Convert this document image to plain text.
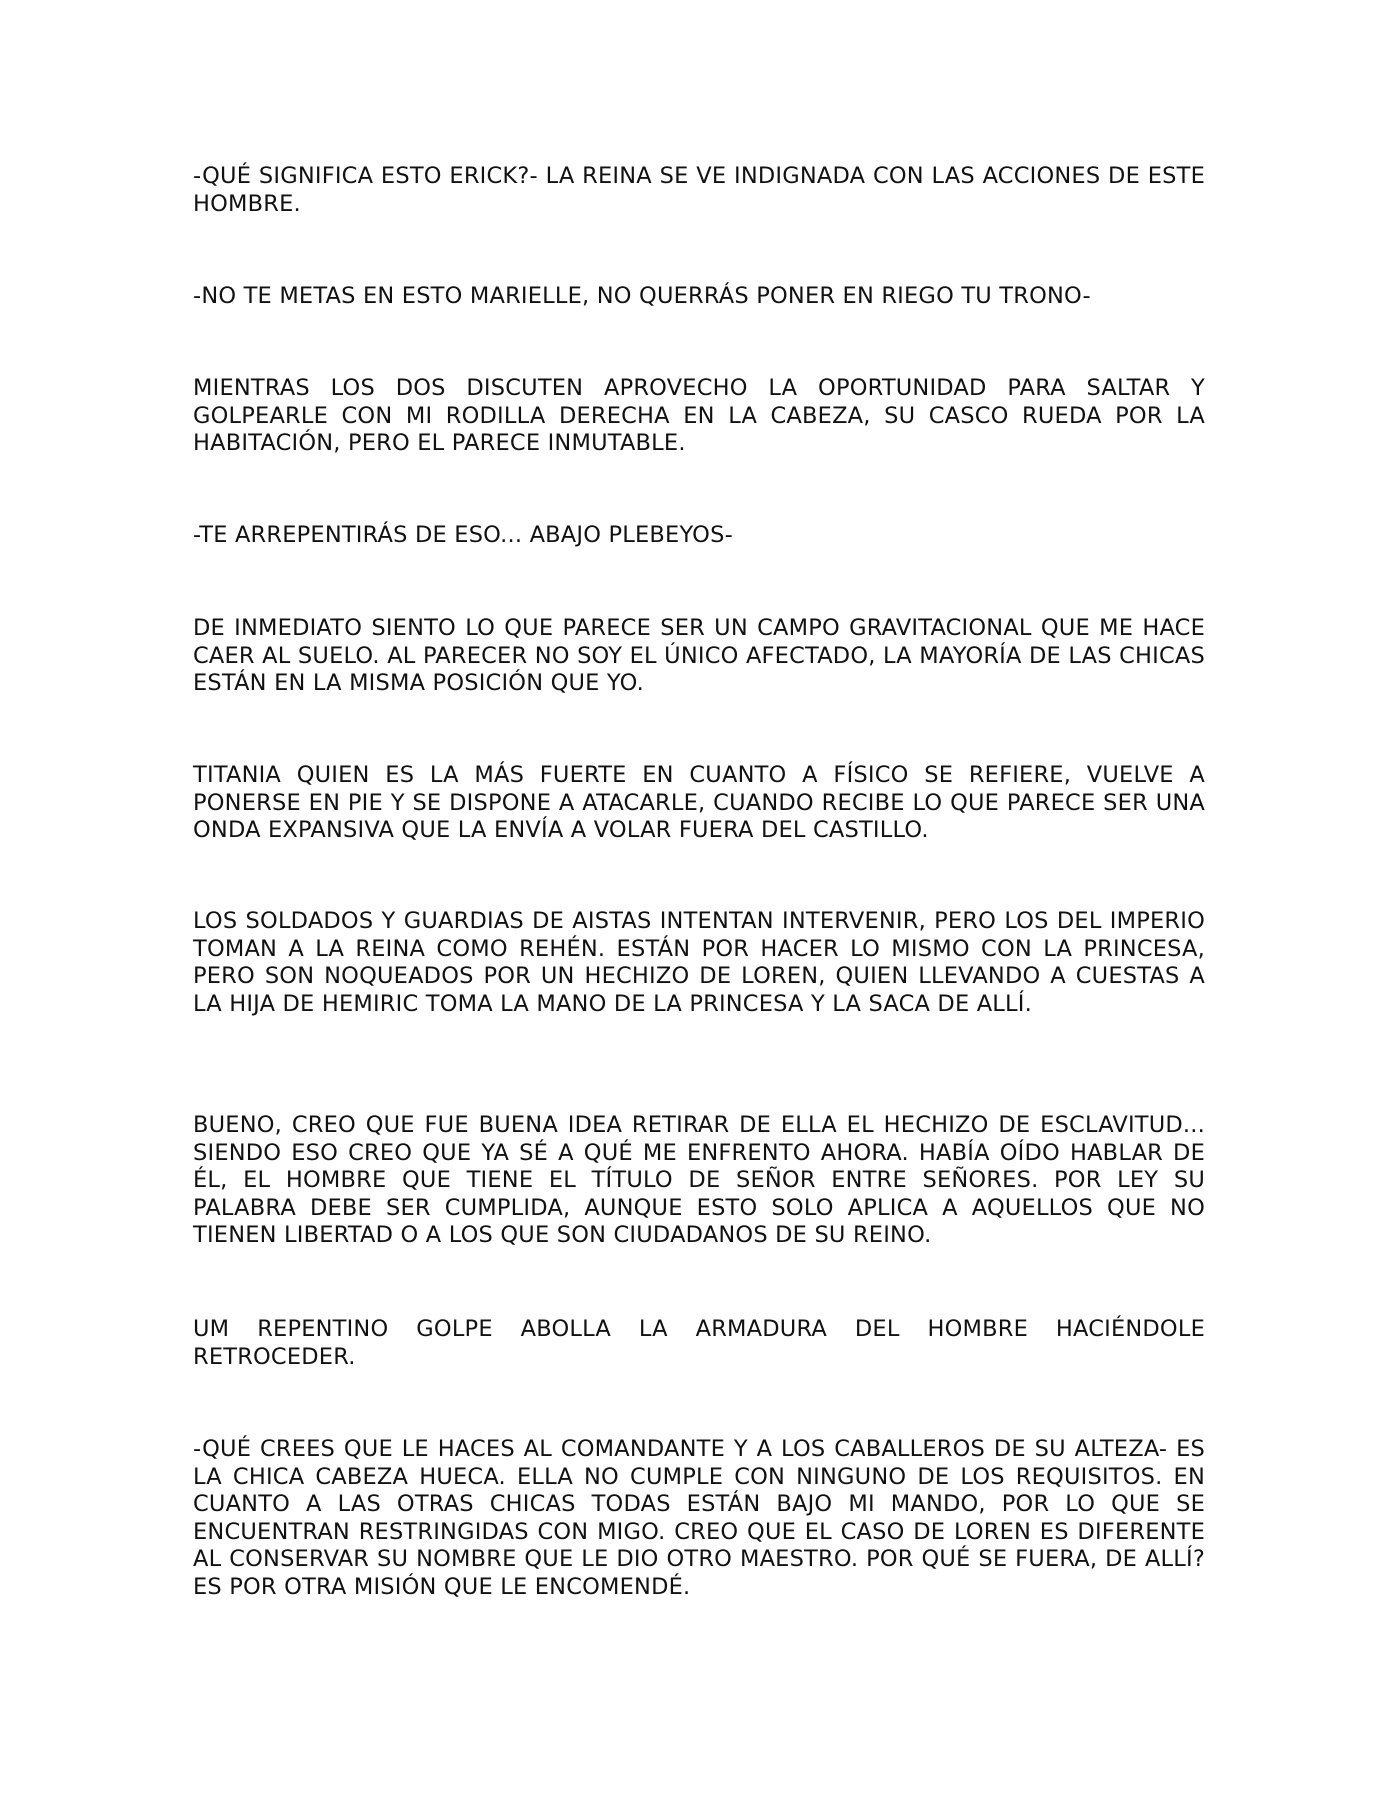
-QUÉ SIGNIFICA ESTO ERICK?- LA REINA SE VE INDIGNADA CON LAS ACCIONES DE ESTE HOMBRE.

-NO TE METAS EN ESTO MARIELLE, NO QUERRÁS PONER EN RIEGO TU TRONO-

MIENTRAS LOS DOS DISCUTEN APROVECHO LA OPORTUNIDAD PARA SALTAR Y GOLPEARLE CON MI RODILLA DERECHA EN LA CABEZA, SU CASCO RUEDA POR LA HABITACIÓN, PERO EL PARECE INMUTABLE.

-TE ARREPENTIRÁS DE ESO... ABAJO PLEBEYOS-

DE INMEDIATO SIENTO LO QUE PARECE SER UN CAMPO GRAVITACIONAL QUE ME HACE CAER AL SUELO. AL PARECER NO SOY EL ÚNICO AFECTADO, LA MAYORÍA DE LAS CHICAS ESTÁN EN LA MISMA POSICIÓN QUE YO.

TITANIA QUIEN ES LA MÁS FUERTE EN CUANTO A FÍSICO SE REFIERE, VUELVE A PONERSE EN PIE Y SE DISPONE A ATACARLE, CUANDO RECIBE LO QUE PARECE SER UNA ONDA EXPANSIVA QUE LA ENVÍA A VOLAR FUERA DEL CASTILLO.

LOS SOLDADOS Y GUARDIAS DE AISTAS INTENTAN INTERVENIR, PERO LOS DEL IMPERIO TOMAN A LA REINA COMO REHÉN. ESTÁN POR HACER LO MISMO CON LA PRINCESA, PERO SON NOQUEADOS POR UN HECHIZO DE LOREN, QUIEN LLEVANDO A CUESTAS A LA HIJA DE HEMIRIC TOMA LA MANO DE LA PRINCESA Y LA SACA DE ALLÍ.

BUENO, CREO QUE FUE BUENA IDEA RETIRAR DE ELLA EL HECHIZO DE ESCLAVITUD... SIENDO ESO CREO QUE YA SÉ A QUÉ ME ENFRENTO AHORA. HABÍA OÍDO HABLAR DE ÉL, EL HOMBRE QUE TIENE EL TÍTULO DE SEÑOR ENTRE SEÑORES. POR LEY SU PALABRA DEBE SER CUMPLIDA, AUNQUE ESTO SOLO APLICA A AQUELLOS QUE NO TIENEN LIBERTAD O A LOS QUE SON CIUDADANOS DE SU REINO.

UM REPENTINO GOLPE ABOLLA LA ARMADURA DEL HOMBRE HACIÉNDOLE RETROCEDER.

-QUÉ CREES QUE LE HACES AL COMANDANTE Y A LOS CABALLEROS DE SU ALTEZA- ES LA CHICA CABEZA HUECA. ELLA NO CUMPLE CON NINGUNO DE LOS REQUISITOS. EN CUANTO A LAS OTRAS CHICAS TODAS ESTÁN BAJO MI MANDO, POR LO QUE SE ENCUENTRAN RESTRINGIDAS CON MIGO. CREO QUE EL CASO DE LOREN ES DIFERENTE AL CONSERVAR SU NOMBRE QUE LE DIO OTRO MAESTRO. POR QUÉ SE FUERA, DE ALLÍ? ES POR OTRA MISIÓN QUE LE ENCOMENDÉ.
